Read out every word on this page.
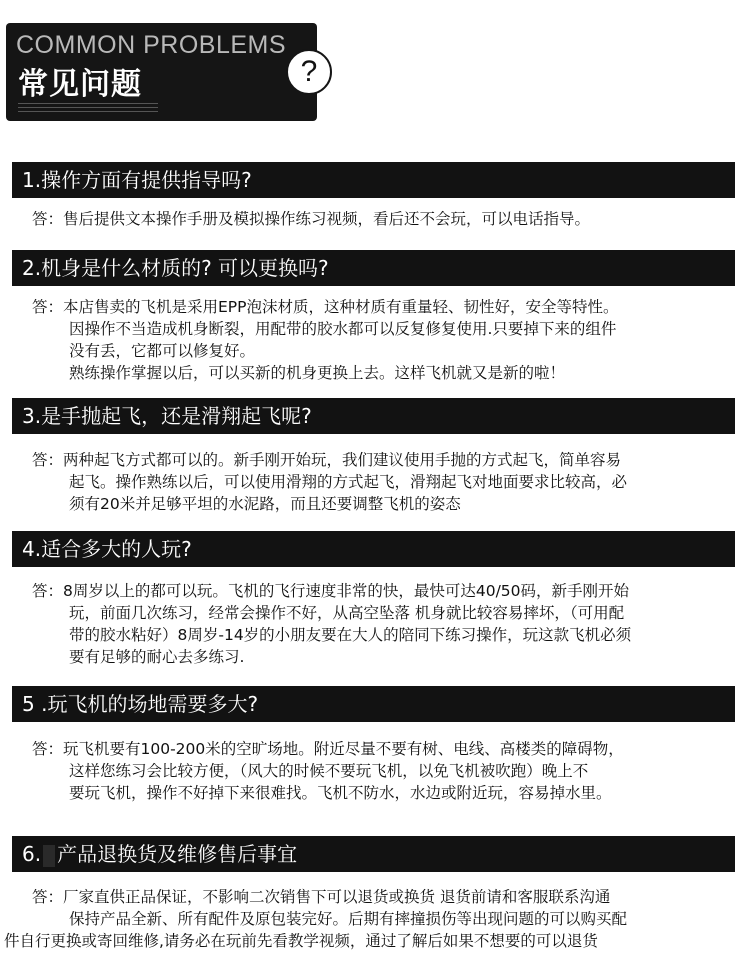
COMMON PROBLEMS
常见问题	?
1.操作方面有提供指导吗?
答：售后提供文本操作手册及模拟操作练习视频，看后还不会玩，可以电话指导。
2.机身是什么材质的? 可以更换吗?
答：本店售卖的飞机是采用EPP泡沫材质，这种材质有重量轻、韧性好，安全等特性。
因操作不当造成机身断裂，用配带的胶水都可以反复修复使用.只要掉下来的组件
没有丢，它都可以修复好。
熟练操作掌握以后，可以买新的机身更换上去。这样飞机就又是新的啦！
3.是手抛起飞，还是滑翔起飞呢?
答：两种起飞方式都可以的。新手刚开始玩，我们建议使用手抛的方式起飞，简单容易
起飞。操作熟练以后，可以使用滑翔的方式起飞，滑翔起飞对地面要求比较高，必
须有20米并足够平坦的水泥路，而且还要调整飞机的姿态
4.适合多大的人玩?
答：8周岁以上的都可以玩。飞机的飞行速度非常的快，最快可达40/50码，新手刚开始
玩，前面几次练习，经常会操作不好，从高空坠落 机身就比较容易摔坏，（可用配
带的胶水粘好）8周岁-14岁的小朋友要在大人的陪同下练习操作，玩这款飞机必须
要有足够的耐心去多练习.
5 .玩飞机的场地需要多大?
答：玩飞机要有100-200米的空旷场地。附近尽量不要有树、电线、高楼类的障碍物，
这样您练习会比较方便，（风大的时候不要玩飞机，以免飞机被吹跑）晚上不
要玩飞机，操作不好掉下来很难找。飞机不防水，水边或附近玩，容易掉水里。
6. 产品退换货及维修售后事宜
答：厂家直供正品保证，不影响二次销售下可以退货或换货 退货前请和客服联系沟通
保持产品全新、所有配件及原包装完好。后期有摔撞损伤等出现问题的可以购买配
件自行更换或寄回维修,请务必在玩前先看教学视频，通过了解后如果不想要的可以退货
